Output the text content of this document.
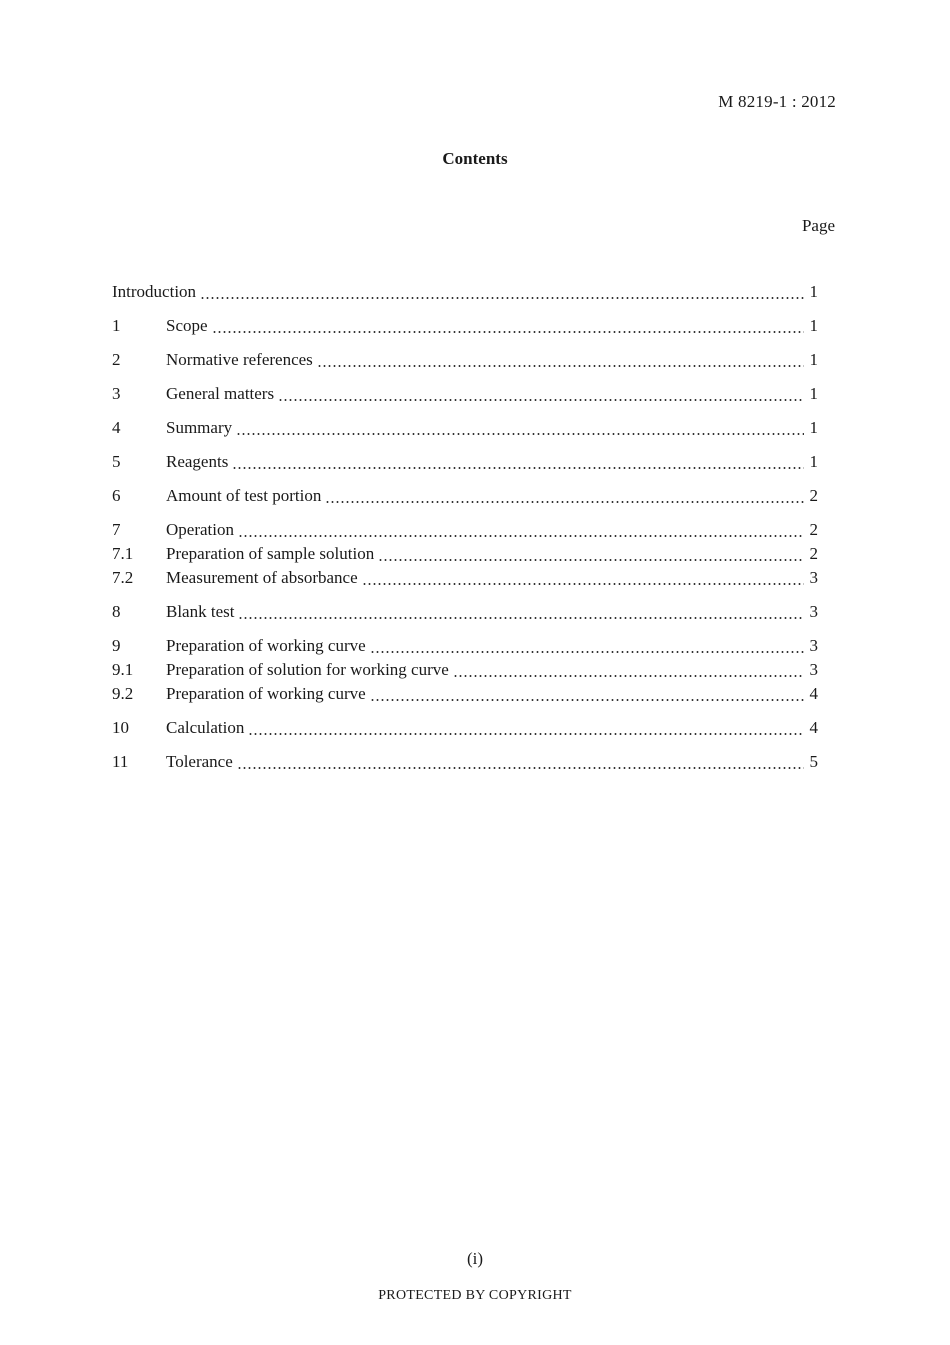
M 8219-1 : 2012
Contents
Page
Introduction	1
1	Scope	1
2	Normative references	1
3	General matters	1
4	Summary	1
5	Reagents	1
6	Amount of test portion	2
7	Operation	2
7.1	Preparation of sample solution	2
7.2	Measurement of absorbance	3
8	Blank test	3
9	Preparation of working curve	3
9.1	Preparation of solution for working curve	3
9.2	Preparation of working curve	4
10	Calculation	4
11	Tolerance	5
(i)
PROTECTED BY COPYRIGHT
